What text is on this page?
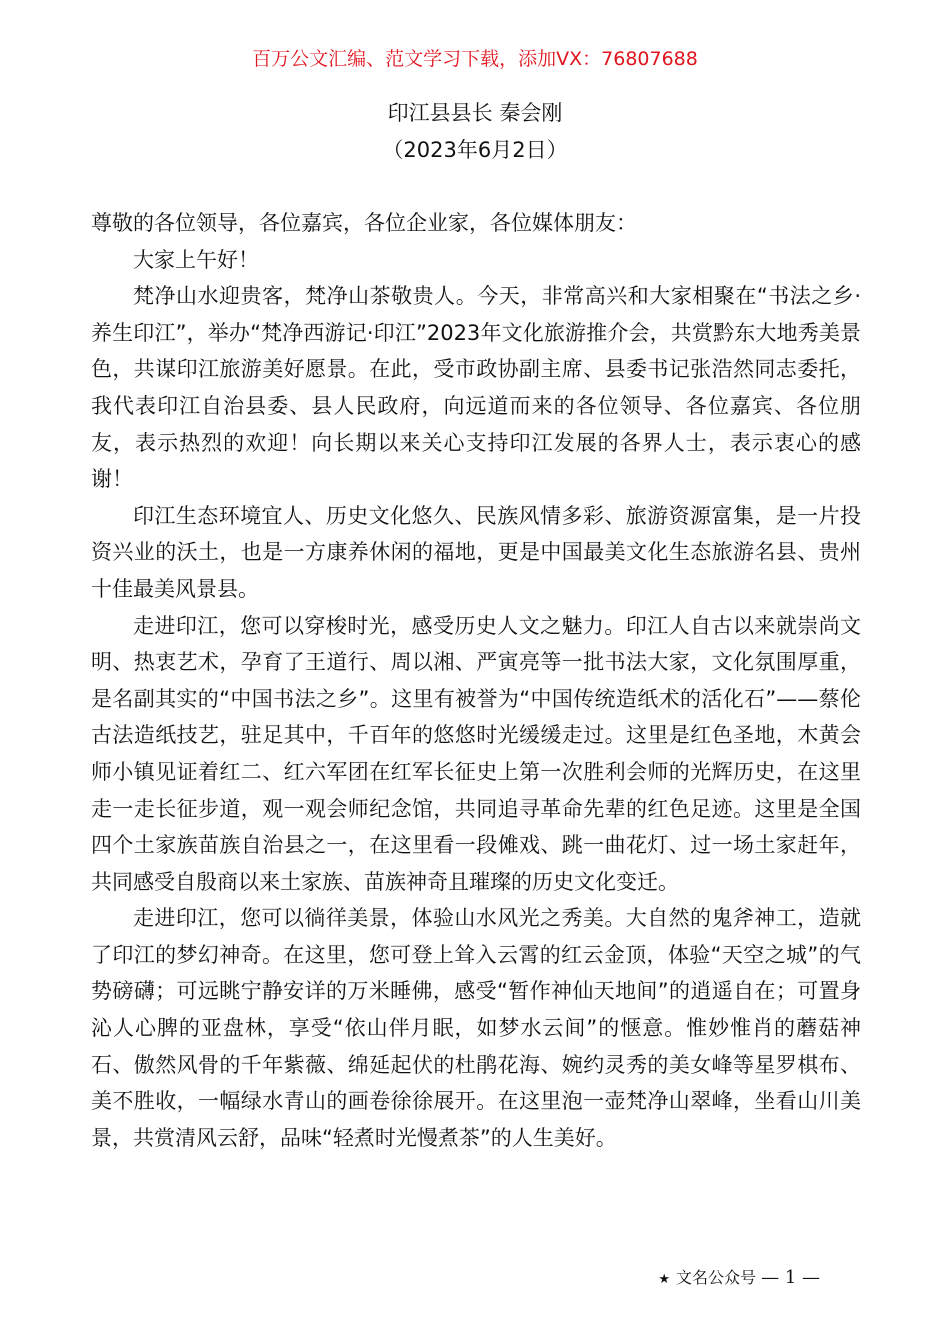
百万公文汇编、范文学习下载，添加VX：76807688
印江县县长 秦会刚
（2023年6月2日）

尊敬的各位领导，各位嘉宾，各位企业家，各位媒体朋友：

大家上午好！

梵净山水迎贵客，梵净山茶敬贵人。今天，非常高兴和大家相聚在“书法之乡·养生印江”，举办“梵净西游记·印江”2023年文化旅游推介会，共赏黔东大地秀美景色，共谋印江旅游美好愿景。在此，受市政协副主席、县委书记张浩然同志委托，我代表印江自治县委、县人民政府，向远道而来的各位领导、各位嘉宾、各位朋友，表示热烈的欢迎！向长期以来关心支持印江发展的各界人士，表示衷心的感谢！

印江生态环境宜人、历史文化悠久、民族风情多彩、旅游资源富集，是一片投资兴业的沃土，也是一方康养休闲的福地，更是中国最美文化生态旅游名县、贵州十佳最美风景县。

走进印江，您可以穿梭时光，感受历史人文之魅力。印江人自古以来就崇尚文明、热衷艺术，孕育了王道行、周以湘、严寅亮等一批书法大家，文化氛围厚重，是名副其实的“中国书法之乡”。这里有被誉为“中国传统造纸术的活化石”——蔡伦古法造纸技艺，驻足其中，千百年的悠悠时光缓缓走过。这里是红色圣地，木黄会师小镇见证着红二、红六军团在红军长征史上第一次胜利会师的光辉历史，在这里走一走长征步道，观一观会师纪念馆，共同追寻革命先辈的红色足迹。这里是全国四个土家族苗族自治县之一，在这里看一段傩戏、跳一曲花灯、过一场土家赶年，共同感受自殷商以来土家族、苗族神奇且璀璨的历史文化变迁。

走进印江，您可以徜徉美景，体验山水风光之秀美。大自然的鬼斧神工，造就了印江的梦幻神奇。在这里，您可登上耸入云霄的红云金顶，体验“天空之城”的气势磅礴；可远眺宁静安详的万米睡佛，感受“暂作神仙天地间”的逍遥自在；可置身沁人心脾的亚盘林，享受“依山伴月眠，如梦水云间”的惬意。惟妙惟肖的蘑菇神石、傲然风骨的千年紫薇、绵延起伏的杜鹃花海、婉约灵秀的美女峰等星罗棋布、美不胜收，一幅绿水青山的画卷徐徐展开。在这里泡一壶梵净山翠峰，坐看山川美景，共赏清风云舒，品味“轻煮时光慢煮茶”的人生美好。

★ 文名公众号 — 1 —
